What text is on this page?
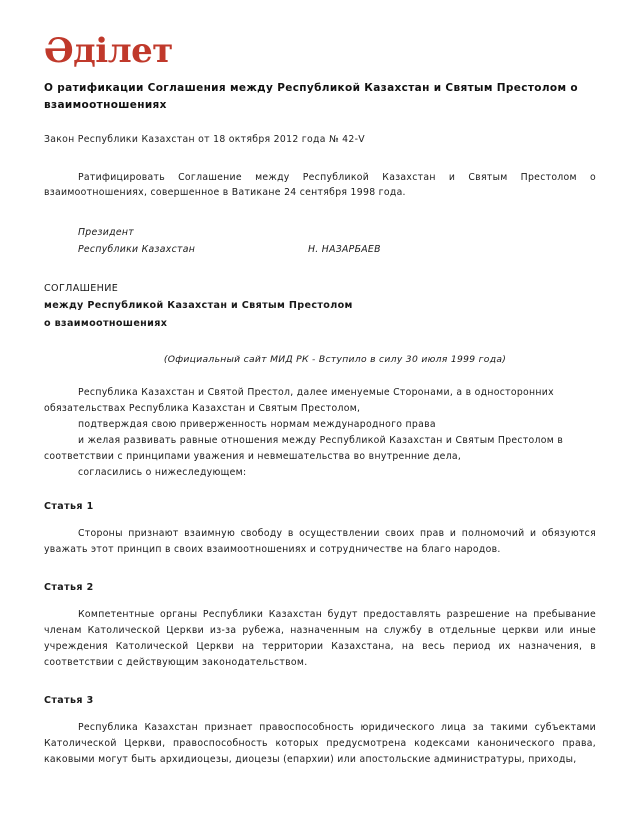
Әділет
О ратификации Соглашения между Республикой Казахстан и Святым Престолом о взаимоотношениях
Закон Республики Казахстан от 18 октября 2012 года № 42-V

Ратифицировать Соглашение между Республикой Казахстан и Святым Престолом о взаимоотношениях, совершенное в Ватикане 24 сентября 1998 года.

Президент
Республики Казахстан	Н. НАЗАРБАЕВ
СОГЛАШЕНИЕ
между Республикой Казахстан и Святым Престолом
о взаимоотношениях
(Официальный сайт МИД РК - Вступило в силу 30 июля 1999 года)
Республика Казахстан и Святой Престол, далее именуемые Сторонами, а в односторонних
обязательствах Республика Казахстан и Святым Престолом,
подтверждая свою приверженность нормам международного права
и желая развивать равные отношения между Республикой Казахстан и Святым Престолом в
соответствии с принципами уважения и невмешательства во внутренние дела,
согласились о нижеследующем:
Статья 1

Стороны признают взаимную свободу в осуществлении своих прав и полномочий и обязуются уважать этот принцип в своих взаимоотношениях и сотрудничестве на благо народов.

Статья 2

Компетентные органы Республики Казахстан будут предоставлять разрешение на пребывание членам Католической Церкви из-за рубежа, назначенным на службу в отдельные церкви или иные учреждения Католической Церкви на территории Казахстана, на весь период их назначения, в соответствии с действующим законодательством.

Статья 3

Республика Казахстан признает правоспособность юридического лица за такими субъектами Католической Церкви, правоспособность которых предусмотрена кодексами канонического права, каковыми могут быть архидиоцезы, диоцезы (епархии) или апостольские администратуры, приходы,
